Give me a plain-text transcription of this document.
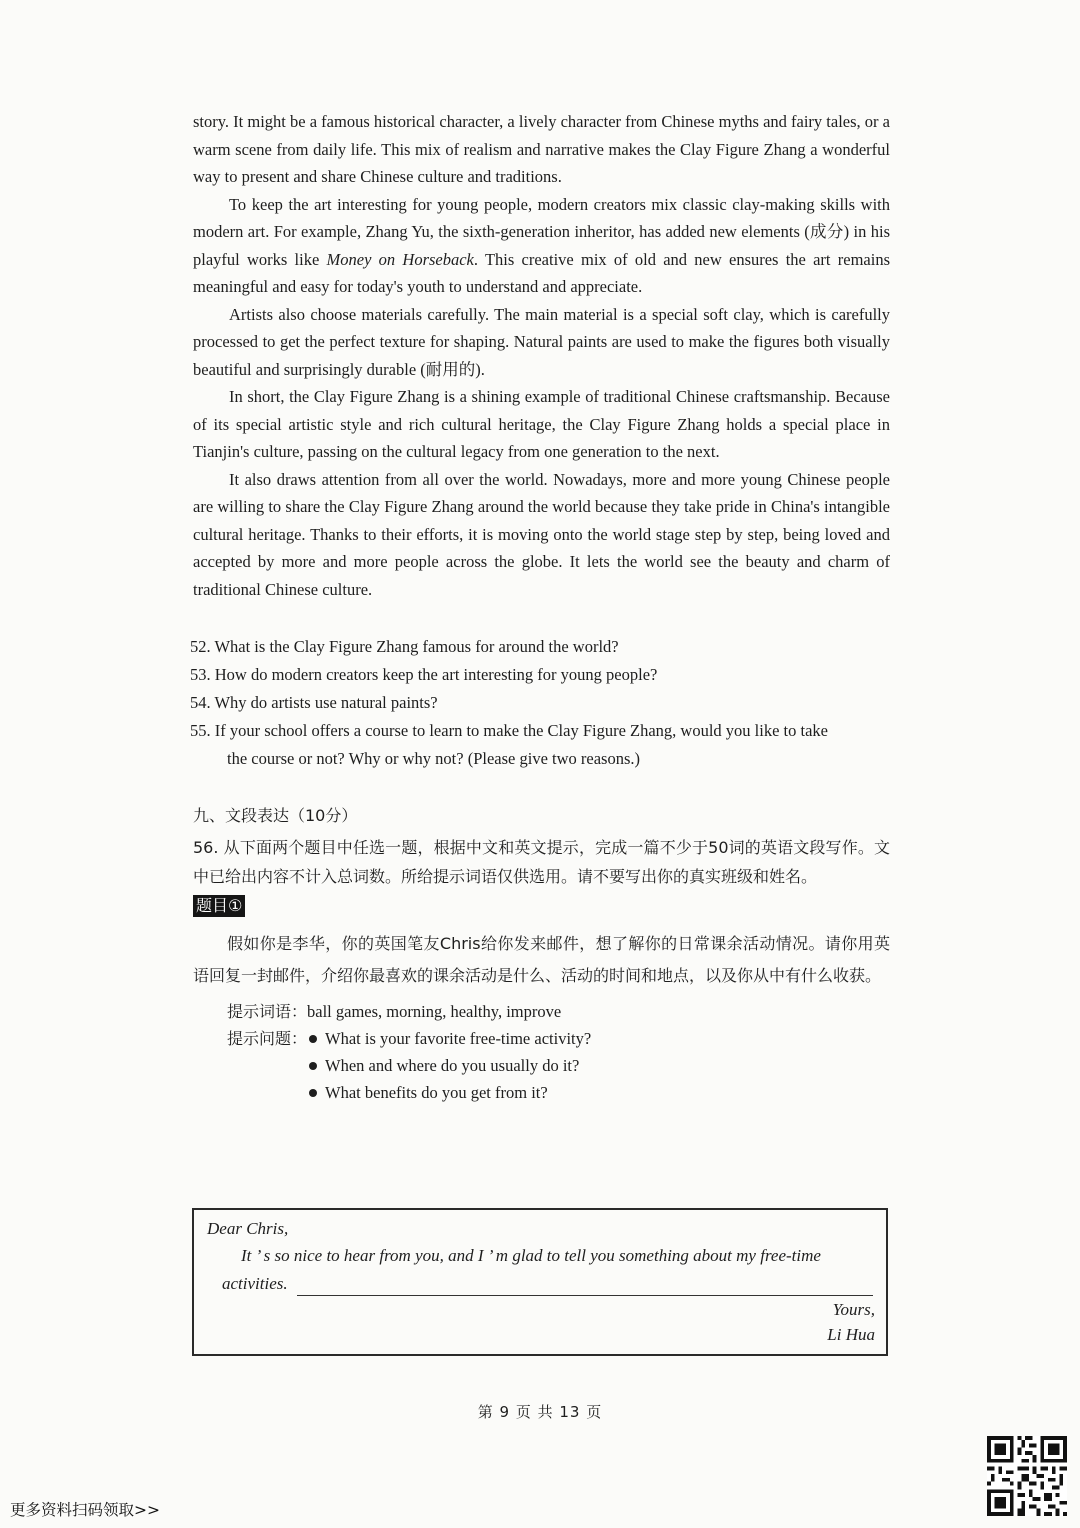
story. It might be a famous historical character, a lively character from Chinese myths and fairy tales, or a warm scene from daily life. This mix of realism and narrative makes the Clay Figure Zhang a wonderful way to present and share Chinese culture and traditions.

To keep the art interesting for young people, modern creators mix classic clay-making skills with modern art. For example, Zhang Yu, the sixth-generation inheritor, has added new elements (成分) in his playful works like Money on Horseback. This creative mix of old and new ensures the art remains meaningful and easy for today's youth to understand and appreciate.

Artists also choose materials carefully. The main material is a special soft clay, which is carefully processed to get the perfect texture for shaping. Natural paints are used to make the figures both visually beautiful and surprisingly durable (耐用的).

In short, the Clay Figure Zhang is a shining example of traditional Chinese craftsmanship. Because of its special artistic style and rich cultural heritage, the Clay Figure Zhang holds a special place in Tianjin's culture, passing on the cultural legacy from one generation to the next.

It also draws attention from all over the world. Nowadays, more and more young Chinese people are willing to share the Clay Figure Zhang around the world because they take pride in China's intangible cultural heritage. Thanks to their efforts, it is moving onto the world stage step by step, being loved and accepted by more and more people across the globe. It lets the world see the beauty and charm of traditional Chinese culture.

52. What is the Clay Figure Zhang famous for around the world?
53. How do modern creators keep the art interesting for young people?
54. Why do artists use natural paints?
55. If your school offers a course to learn to make the Clay Figure Zhang, would you like to take
the course or not? Why or why not? (Please give two reasons.)

九、文段表达（10分）

56. 从下面两个题目中任选一题，根据中文和英文提示，完成一篇不少于50词的英语文段写作。文中已给出内容不计入总词数。所给提示词语仅供选用。请不要写出你的真实班级和姓名。

题目①

假如你是李华，你的英国笔友Chris给你发来邮件，想了解你的日常课余活动情况。请你用英语回复一封邮件，介绍你最喜欢的课余活动是什么、活动的时间和地点，以及你从中有什么收获。

提示词语： ball games, morning, healthy, improve
提示问题：	What is your favorite free-time activity?
When and where do you usually do it?
What benefits do you get from it?
Dear Chris,
It ’ s so nice to hear from you, and I ’ m glad to tell you something about my free-time
activities.
Yours,
Li Hua
第 9 页 共 13 页
更多资料扫码领取>>
